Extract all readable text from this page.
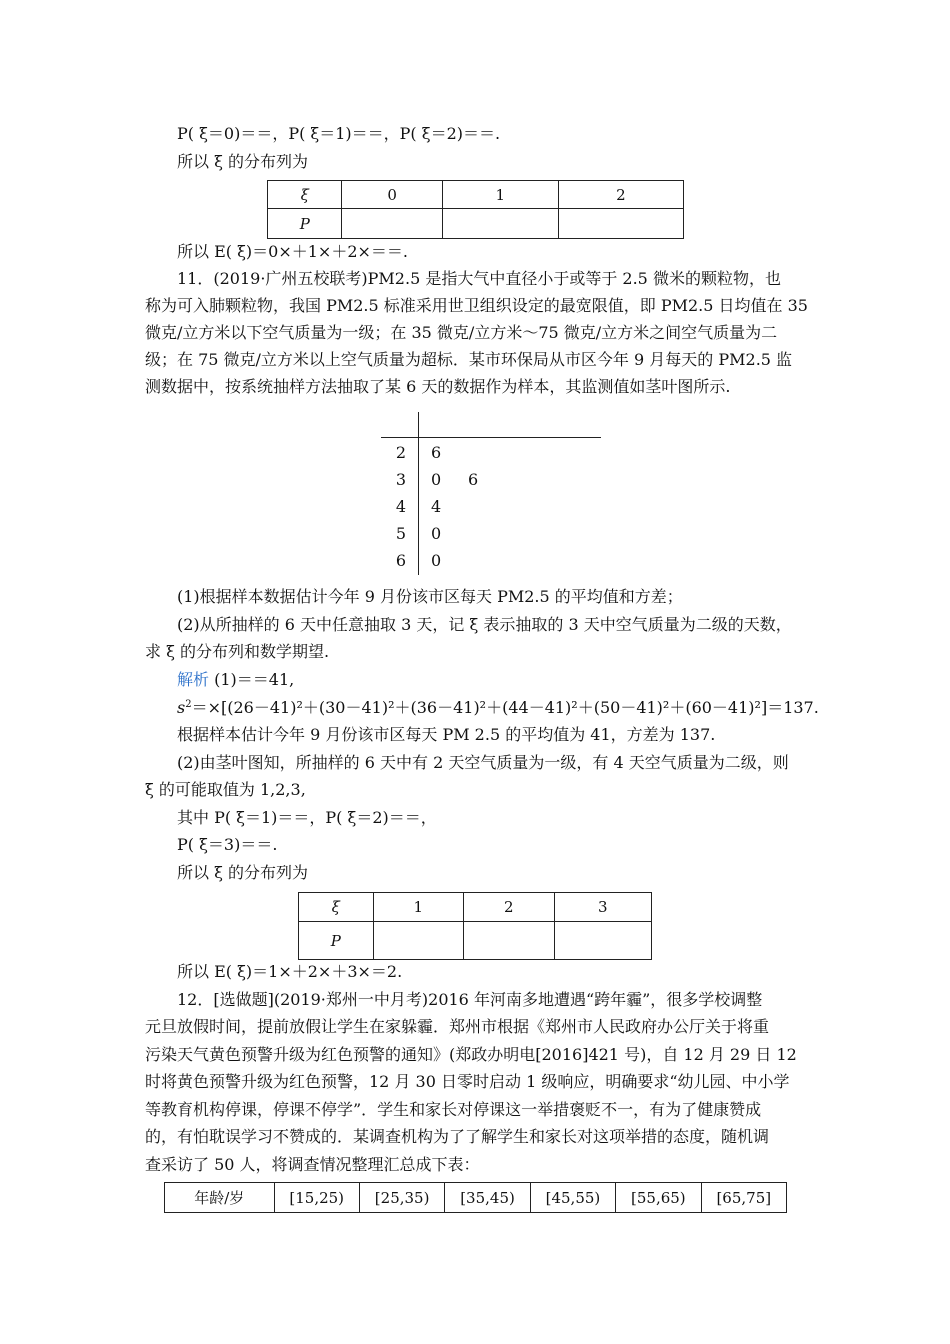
P( ξ＝0)＝＝，P( ξ＝1)＝＝，P( ξ＝2)＝＝.
所以 ξ 的分布列为
ξ	0	1	2
P			
所以 E( ξ)＝0×＋1×＋2×＝＝.
11．(2019·广州五校联考)PM2.5 是指大气中直径小于或等于 2.5 微米的颗粒物，也
称为可入肺颗粒物，我国 PM2.5 标准采用世卫组织设定的最宽限值，即 PM2.5 日均值在 35
微克/立方米以下空气质量为一级；在 35 微克/立方米～75 微克/立方米之间空气质量为二
级；在 75 微克/立方米以上空气质量为超标．某市环保局从市区今年 9 月每天的 PM2.5 监
测数据中，按系统抽样方法抽取了某 6 天的数据作为样本，其监测值如茎叶图所示.
2	6
3	0 6
4	4
5	0
6	0
(1)根据样本数据估计今年 9 月份该市区每天 PM2.5 的平均值和方差；
(2)从所抽样的 6 天中任意抽取 3 天，记 ξ 表示抽取的 3 天中空气质量为二级的天数，
求 ξ 的分布列和数学期望.
解析 (1)＝＝41,
$s^2=\times[(26-41)^2+(30-41)^2+(36-41)^2+(44-41)^2+(50-41)^2+(60-41)^2]=137$.
根据样本估计今年 9 月份该市区每天 PM 2.5 的平均值为 41，方差为 137.
(2)由茎叶图知，所抽样的 6 天中有 2 天空气质量为一级，有 4 天空气质量为二级，则
ξ 的可能取值为 1,2,3,
其中 P( ξ＝1)＝＝，P( ξ＝2)＝＝，
P( ξ＝3)＝＝.
所以 ξ 的分布列为
ξ	1	2	3
P			
所以 E( ξ)＝1×＋2×＋3×＝2.
12．[选做题](2019·郑州一中月考)2016 年河南多地遭遇“跨年霾”，很多学校调整
元旦放假时间，提前放假让学生在家躲霾．郑州市根据《郑州市人民政府办公厅关于将重
污染天气黄色预警升级为红色预警的通知》(郑政办明电[2016]421 号)，自 12 月 29 日 12
时将黄色预警升级为红色预警，12 月 30 日零时启动 1 级响应，明确要求“幼儿园、中小学
等教育机构停课，停课不停学”．学生和家长对停课这一举措褒贬不一，有为了健康赞成
的，有怕耽误学习不赞成的．某调查机构为了了解学生和家长对这项举措的态度，随机调
查采访了 50 人，将调查情况整理汇总成下表：
年龄/岁	[15,25)	[25,35)	[35,45)	[45,55)	[55,65)	[65,75]
